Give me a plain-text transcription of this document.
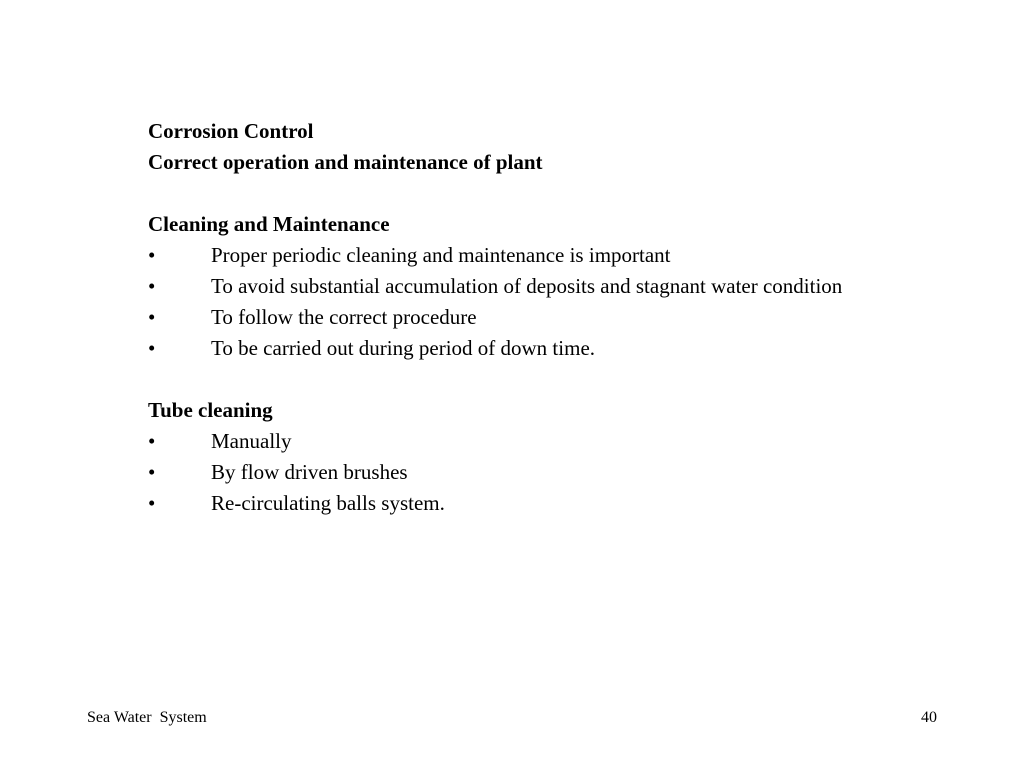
Corrosion Control

Correct operation and maintenance of plant

Cleaning and Maintenance

•	Proper periodic cleaning and maintenance is important
•	To avoid substantial accumulation of deposits and stagnant water condition
•	To follow the correct procedure
•	To be carried out during period of down time.

Tube cleaning

•	Manually
•	By flow driven brushes
•	Re-circulating balls system.
Sea Water  System	40
